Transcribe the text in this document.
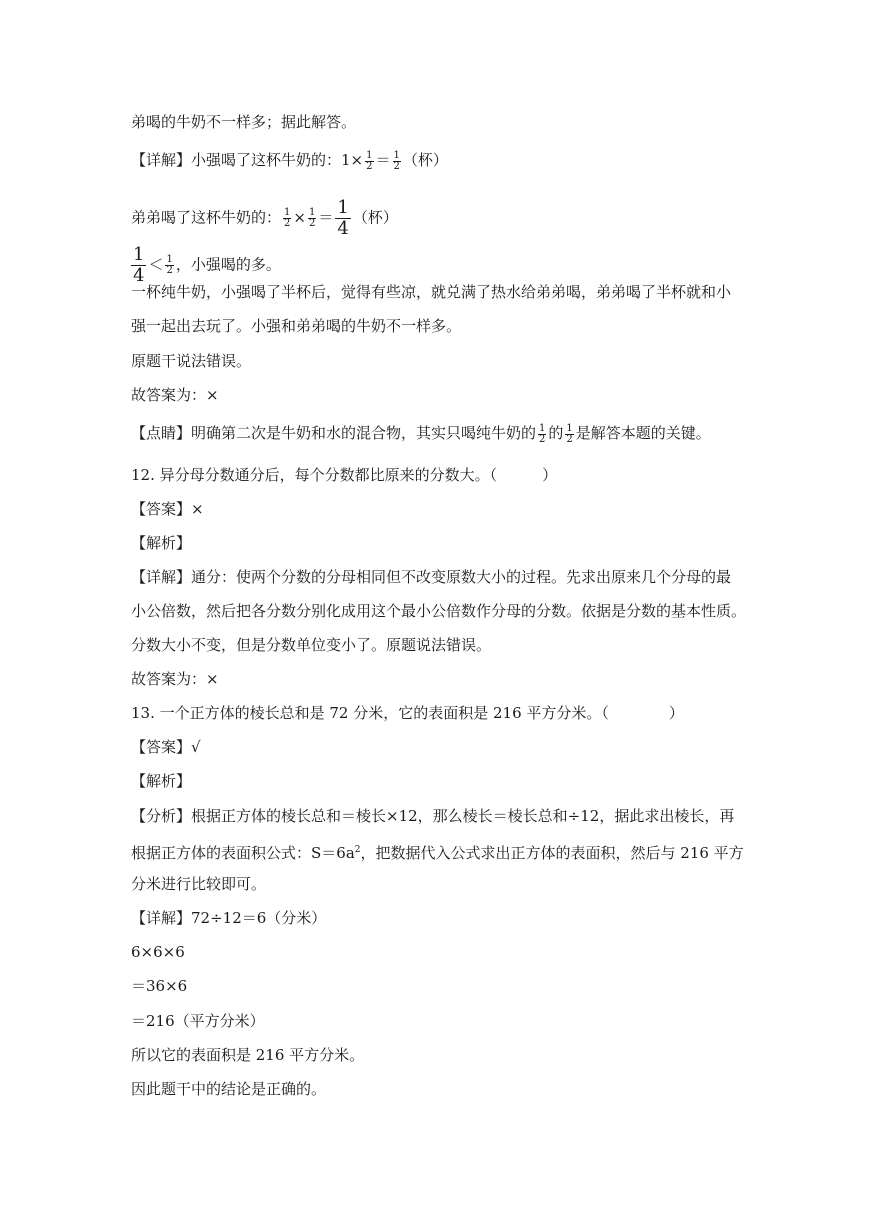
弟喝的牛奶不一样多；据此解答。
【详解】小强喝了这杯牛奶的：$1\times \frac{1}{2} = \frac{1}{2}$ （杯）
弟弟喝了这杯牛奶的： $\frac{1}{2} \times \frac{1}{2} = \frac{1}{4}$ （杯）
$\frac{1}{4} < \frac{1}{2}$ ，小强喝的多。
一杯纯牛奶，小强喝了半杯后，觉得有些凉，就兑满了热水给弟弟喝，弟弟喝了半杯就和小
强一起出去玩了。小强和弟弟喝的牛奶不一样多。
原题干说法错误。
故答案为：×
【点睛】明确第二次是牛奶和水的混合物，其实只喝纯牛奶的 $\frac{1}{2}$ 的 $\frac{1}{2}$ 是解答本题的关键。
12. 异分母分数通分后，每个分数都比原来的分数大。（　　　）
【答案】×
【解析】
【详解】通分：使两个分数的分母相同但不改变原数大小的过程。先求出原来几个分母的最
小公倍数，然后把各分数分别化成用这个最小公倍数作分母的分数。依据是分数的基本性质。
分数大小不变，但是分数单位变小了。原题说法错误。
故答案为：×
13. 一个正方体的棱长总和是 72 分米，它的表面积是 216 平方分米。（　　　　）
【答案】√
【解析】
【分析】根据正方体的棱长总和＝棱长×12，那么棱长＝棱长总和÷12，据此求出棱长，再
根据正方体的表面积公式：$S=6a^2$，把数据代入公式求出正方体的表面积，然后与 216 平方
分米进行比较即可。
【详解】72÷12＝6（分米）
6×6×6
＝36×6
＝216（平方分米）
所以它的表面积是 216 平方分米。
因此题干中的结论是正确的。
